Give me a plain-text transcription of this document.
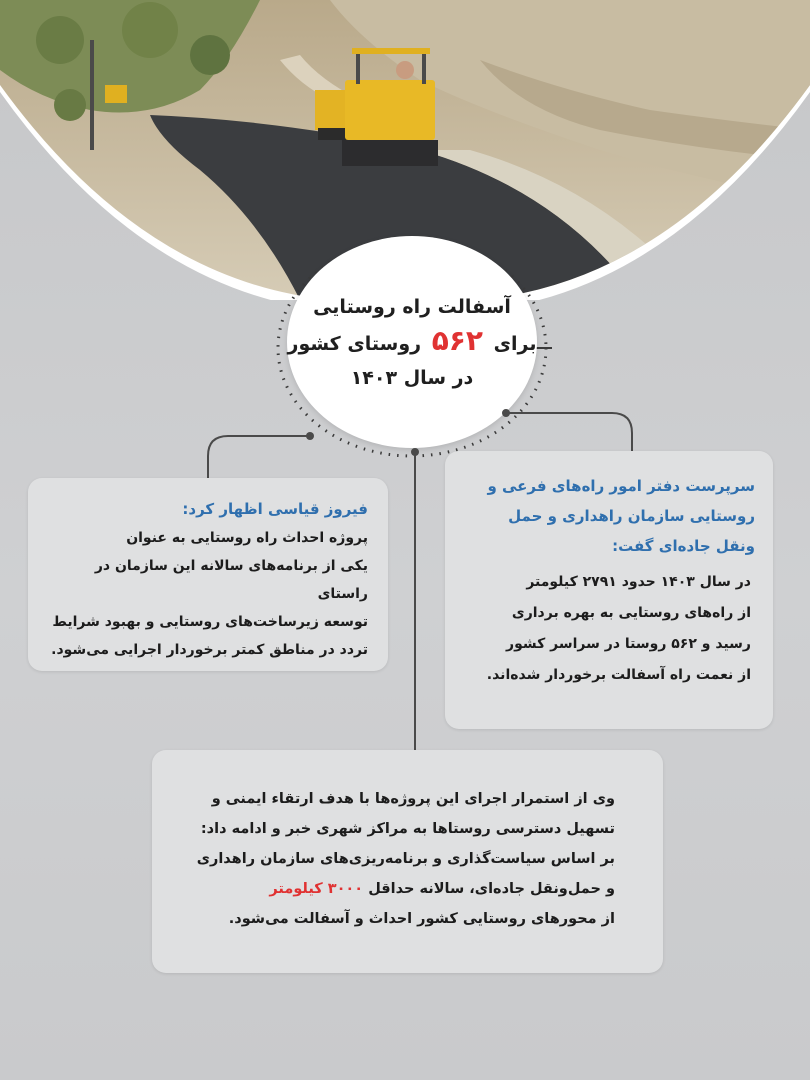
آسفالت راه روستایی
برای ۵۶۲ روستای کشور
در سال ۱۴۰۳
سرپرست دفتر امور راه‌های فرعی و
روستایی سازمان راهداری و حمل
ونقل جاده‌ای گفت:
در سال ۱۴۰۳ حدود ۲۷۹۱ کیلومتر
از راه‌های روستایی به بهره برداری
رسید و ۵۶۲ روستا در سراسر کشور
از نعمت راه آسفالت برخوردار شده‌اند.
فیروز قیاسی اظهار کرد:
پروژه احداث راه روستایی به عنوان
یکی از برنامه‌های سالانه این سازمان در راستای
توسعه زیرساخت‌های روستایی و بهبود شرایط
تردد در مناطق کمتر برخوردار اجرایی می‌شود.
وی از استمرار اجرای این پروژه‌ها با هدف ارتقاء ایمنی و
تسهیل دسترسی روستاها به مراکز شهری خبر و ادامه داد:
بر اساس سیاست‌گذاری و برنامه‌ریزی‌های سازمان راهداری
و حمل‌ونقل جاده‌ای، سالانه حداقل ۳۰۰۰ کیلومتر
از محورهای روستایی کشور احداث و آسفالت می‌شود.
